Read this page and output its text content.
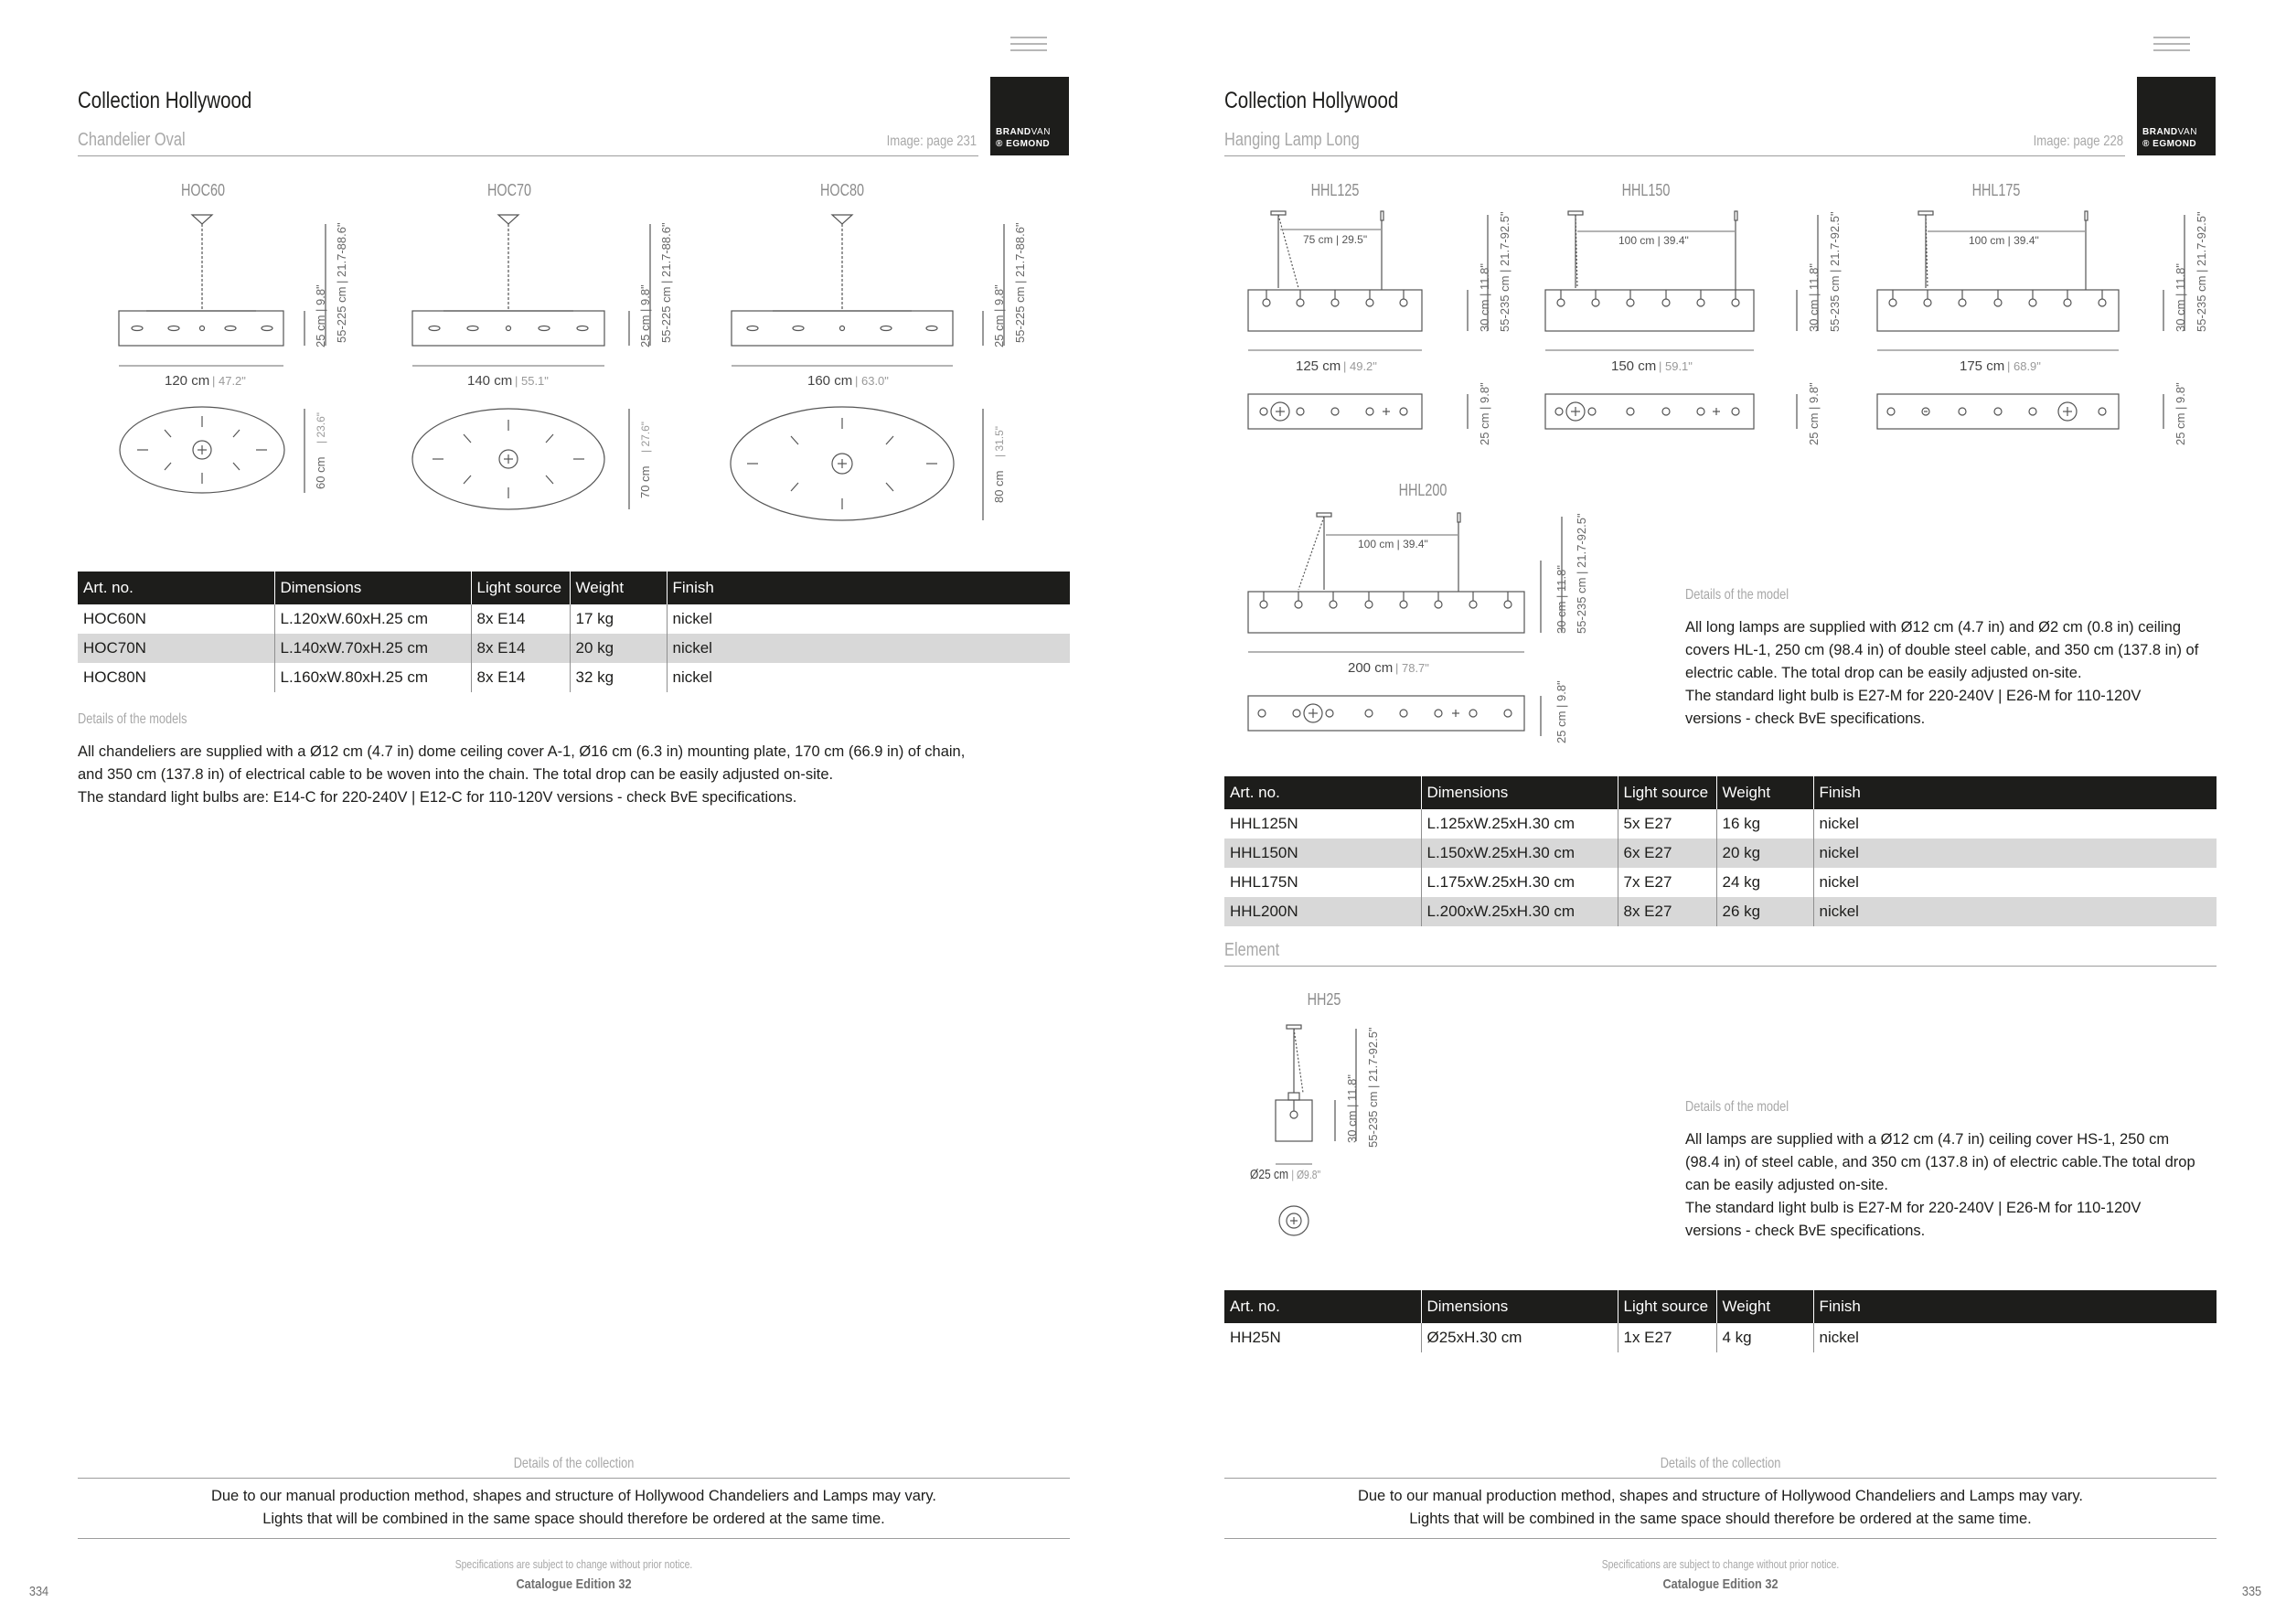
BRANDVAN
® EGMOND
Collection Hollywood
Chandelier Oval	Image: page 231
HOC60	HOC70	HOC80
120 cm | 47.2"
25 cm | 9.8" 55-225 cm | 21.7-88.6"
60 cm
| 23.6"
140 cm | 55.1"
25 cm | 9.8" 55-225 cm | 21.7-88.6"
70 cm
| 27.6"
160 cm | 63.0"
25 cm | 9.8" 55-225 cm | 21.7-88.6"
80 cm
| 31.5"
Art. no.	Dimensions	Light source	Weight	Finish
HOC60N	L.120xW.60xH.25 cm	8x E14	17 kg	nickel
HOC70N	L.140xW.70xH.25 cm	8x E14	20 kg	nickel
HOC80N	L.160xW.80xH.25 cm	8x E14	32 kg	nickel
Details of the models
All chandeliers are supplied with a Ø12 cm (4.7 in) dome ceiling cover A-1, Ø16 cm (6.3 in) mounting plate, 170 cm (66.9 in) of chain,
and 350 cm (137.8 in) of electrical cable to be woven into the chain. The total drop can be easily adjusted on-site.
The standard light bulbs are: E14-C for 220-240V | E12-C for 110-120V versions - check BvE specifications.
Details of the collection
Due to our manual production method, shapes and structure of Hollywood Chandeliers and Lamps may vary.
Lights that will be combined in the same space should therefore be ordered at the same time.
Specifications are subject to change without prior notice.
Catalogue Edition 32
334
BRANDVAN
® EGMOND
Collection Hollywood
Hanging Lamp Long	Image: page 228
HHL125	HHL150	HHL175
HHL200
75 cm | 29.5"
125 cm | 49.2"
30 cm | 11.8" 55-235 cm | 21.7-92.5"
25 cm | 9.8"
100 cm | 39.4"
150 cm | 59.1"
30 cm | 11.8" 55-235 cm | 21.7-92.5"
25 cm | 9.8"
100 cm | 39.4"
175 cm | 68.9"
30 cm | 11.8" 55-235 cm | 21.7-92.5"
25 cm | 9.8"
100 cm | 39.4"
200 cm | 78.7"
30 cm | 11.8" 55-235 cm | 21.7-92.5"
25 cm | 9.8"
Details of the model
All long lamps are supplied with Ø12 cm (4.7 in) and Ø2 cm (0.8 in) ceiling
covers HL-1, 250 cm (98.4 in) of double steel cable, and 350 cm (137.8 in) of
electric cable. The total drop can be easily adjusted on-site.
The standard light bulb is E27-M for 220-240V | E26-M for 110-120V
versions - check BvE specifications.
Art. no.	Dimensions	Light source	Weight	Finish
HHL125N	L.125xW.25xH.30 cm	5x E27	16 kg	nickel
HHL150N	L.150xW.25xH.30 cm	6x E27	20 kg	nickel
HHL175N	L.175xW.25xH.30 cm	7x E27	24 kg	nickel
HHL200N	L.200xW.25xH.30 cm	8x E27	26 kg	nickel
Element
HH25
30 cm | 11.8" 55-235 cm | 21.7-92.5"
Ø25 cm | Ø9.8"
Details of the model
All lamps are supplied with a Ø12 cm (4.7 in) ceiling cover HS-1, 250 cm
(98.4 in) of steel cable, and 350 cm (137.8 in) of electric cable.The total drop
can be easily adjusted on-site.
The standard light bulb is E27-M for 220-240V | E26-M for 110-120V
versions - check BvE specifications.
Art. no.	Dimensions	Light source	Weight	Finish
HH25N	Ø25xH.30 cm	1x E27	4 kg	nickel
Details of the collection
Due to our manual production method, shapes and structure of Hollywood Chandeliers and Lamps may vary.
Lights that will be combined in the same space should therefore be ordered at the same time.
Specifications are subject to change without prior notice.
Catalogue Edition 32	335
